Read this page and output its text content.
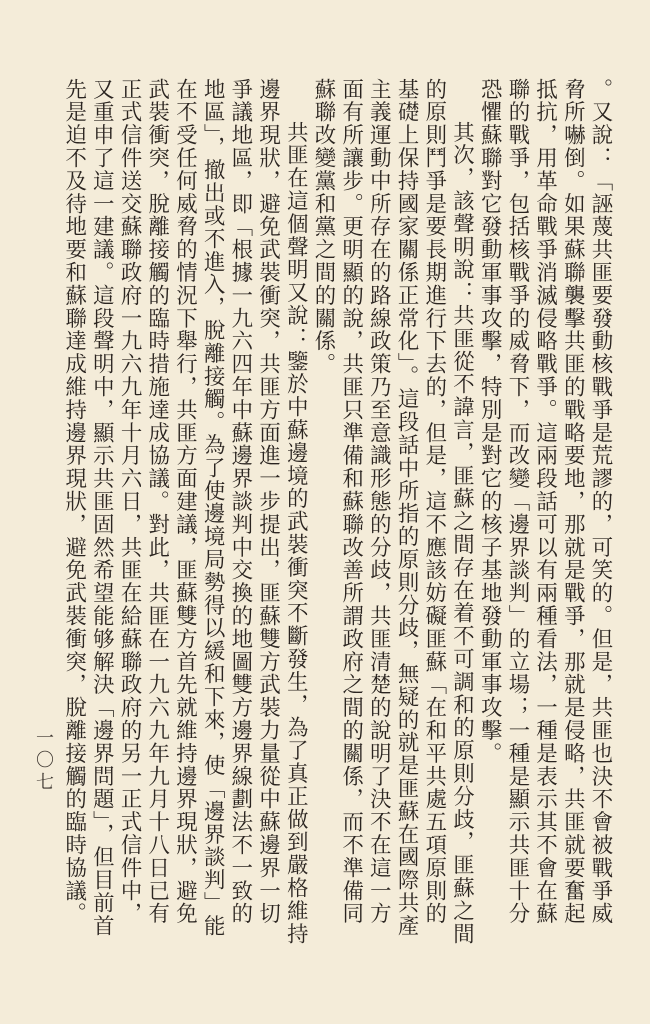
。又說：「誣蔑共匪要發動核戰爭是荒謬的，可笑的。但是，共匪也決不會被戰爭威脅所嚇倒。如果蘇聯襲擊共匪的戰略要地，那就是戰爭，那就是侵略，共匪就要奮起抵抗，用革命戰爭消滅侵略戰爭。這兩段話可以有兩種看法，一種是表示其不會在蘇聯的戰爭，包括核戰爭的威脅下，而改變「邊界談判」的立場；一種是顯示共匪十分恐懼蘇聯對它發動軍事攻擊，特別是對它的核子基地發動軍事攻擊。

其次，該聲明說：共匪從不諱言，匪蘇之間存在着不可調和的原則分歧，匪蘇之間的原則鬥爭是要長期進行下去的，但是，這不應該妨礙匪蘇「在和平共處五項原則的基礎上保持國家關係正常化」。這段話中所指的原則分歧，無疑的就是匪蘇在國際共產主義運動中所存在的路線政策乃至意識形態的分歧，共匪清楚的說明了決不在這一方面有所讓步。更明顯的說，共匪只準備和蘇聯改善所謂政府之間的關係，而不準備同蘇聯改變黨和黨之間的關係。

共匪在這個聲明又說：鑒於中蘇邊境的武裝衝突不斷發生，為了真正做到嚴格維持邊界現狀，避免武裝衝突，共匪方面進一步提出，匪蘇雙方武裝力量從中蘇邊界一切爭議地區，即「根據一九六四年中蘇邊界談判中交換的地圖雙方邊界線劃法不一致的地區」，撤出或不進入，脫離接觸。為了使邊境局勢得以緩和下來，使「邊界談判」能在不受任何威脅的情況下舉行，共匪方面建議，匪蘇雙方首先就維持邊界現狀，避免武裝衝突，脫離接觸的臨時措施達成協議。對此，共匪在一九六九年九月十八日已有正式信件送交蘇聯政府一九六九年十月六日，共匪在給蘇聯政府的另一正式信件中，又重申了這一建議。這段聲明中，顯示共匪固然希望能够解決「邊界問題」，但目前首先是迫不及待地要和蘇聯達成維持邊界現狀，避免武裝衝突，脫離接觸的臨時協議。

一〇七
